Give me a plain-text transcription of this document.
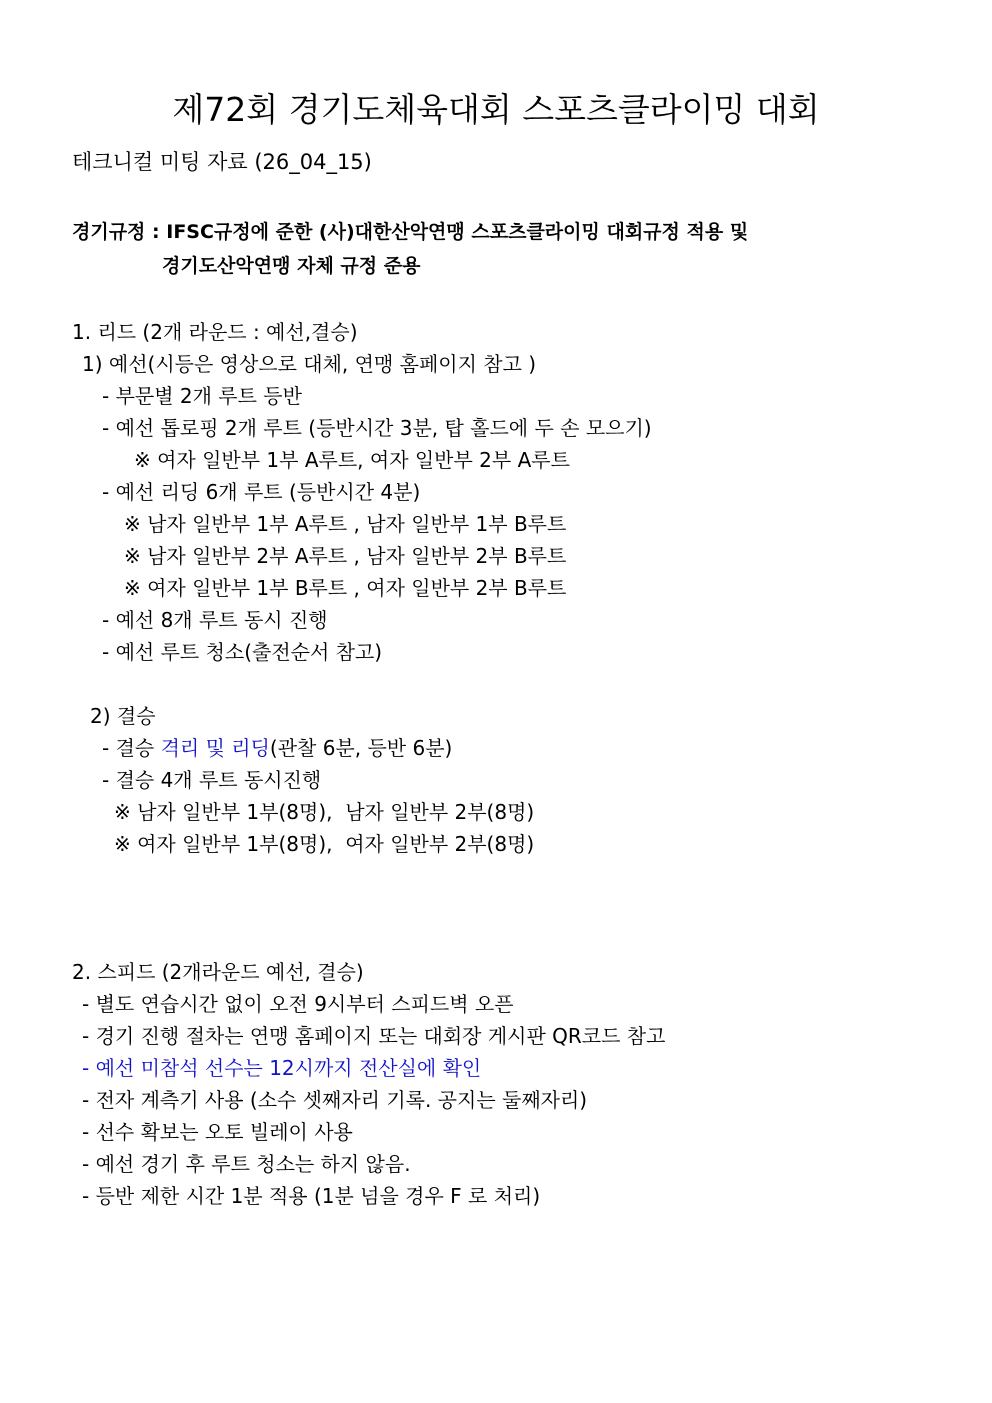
제72회 경기도체육대회 스포츠클라이밍 대회
테크니컬 미팅 자료 (26_04_15)
경기규정 : IFSC규정에 준한 (사)대한산악연맹 스포츠클라이밍 대회규정 적용 및
경기도산악연맹 자체 규정 준용
1. 리드 (2개 라운드 : 예선,결승)
1) 예선(시등은 영상으로 대체, 연맹 홈페이지 참고 )
- 부문별 2개 루트 등반
- 예선 톱로핑 2개 루트 (등반시간 3분, 탑 홀드에 두 손 모으기)
※ 여자 일반부 1부 A루트, 여자 일반부 2부 A루트
- 예선 리딩 6개 루트 (등반시간 4분)
※ 남자 일반부 1부 A루트 , 남자 일반부 1부 B루트
※ 남자 일반부 2부 A루트 , 남자 일반부 2부 B루트
※ 여자 일반부 1부 B루트 , 여자 일반부 2부 B루트
- 예선 8개 루트 동시 진행
- 예선 루트 청소(출전순서 참고)
2) 결승
- 결승 격리 및 리딩(관찰 6분, 등반 6분)
- 결승 4개 루트 동시진행
※ 남자 일반부 1부(8명),  남자 일반부 2부(8명)
※ 여자 일반부 1부(8명),  여자 일반부 2부(8명)
2. 스피드 (2개라운드 예선, 결승)
- 별도 연습시간 없이 오전 9시부터 스피드벽 오픈
- 경기 진행 절차는 연맹 홈페이지 또는 대회장 게시판 QR코드 참고
- 예선 미참석 선수는 12시까지 전산실에 확인
- 전자 계측기 사용 (소수 셋째자리 기록. 공지는 둘째자리)
- 선수 확보는 오토 빌레이 사용
- 예선 경기 후 루트 청소는 하지 않음.
- 등반 제한 시간 1분 적용 (1분 넘을 경우 F 로 처리)
